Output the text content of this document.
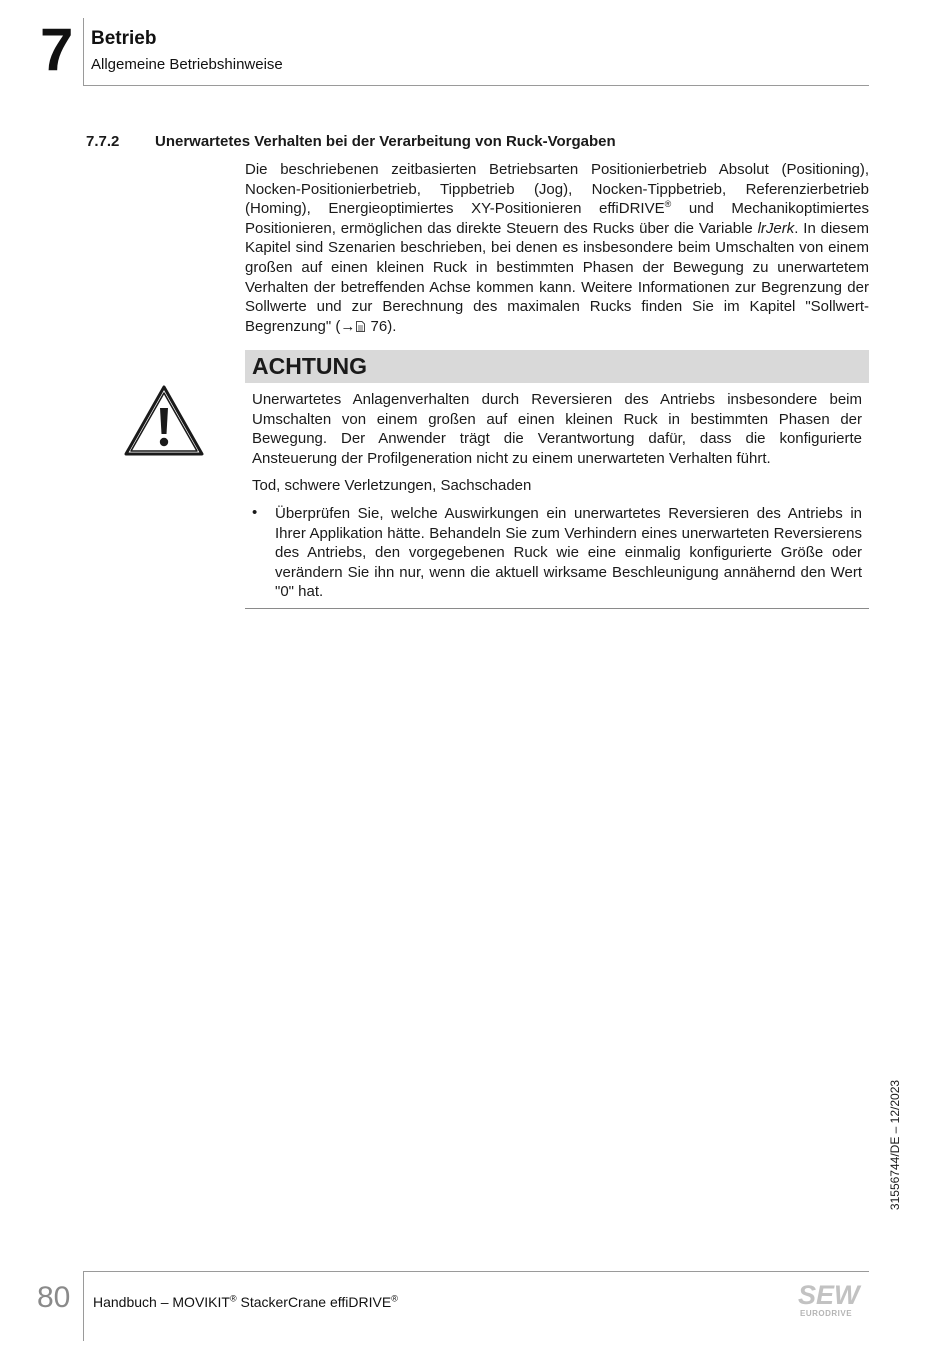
7 Betrieb
Allgemeine Betriebshinweise
7.7.2 Unerwartetes Verhalten bei der Verarbeitung von Ruck-Vorgaben

Die beschriebenen zeitbasierten Betriebsarten Positionierbetrieb Absolut (Positioning), Nocken-Positionierbetrieb, Tippbetrieb (Jog), Nocken-Tippbetrieb, Referenzierbetrieb (Homing), Energieoptimiertes XY-Positionieren effiDRIVE® und Mechanikoptimiertes Positionieren, ermöglichen das direkte Steuern des Rucks über die Variable lrJerk. In diesem Kapitel sind Szenarien beschrieben, bei denen es insbesondere beim Umschalten von einem großen auf einen kleinen Ruck in bestimmten Phasen der Bewegung zu unerwartetem Verhalten der betreffenden Achse kommen kann. Weitere Informationen zur Begrenzung der Sollwerte und zur Berechnung des maximalen Rucks finden Sie im Kapitel "Sollwert-Begrenzung" (→ 76).

ACHTUNG

Unerwartetes Anlagenverhalten durch Reversieren des Antriebs insbesondere beim Umschalten von einem großen auf einen kleinen Ruck in bestimmten Phasen der Bewegung. Der Anwender trägt die Verantwortung dafür, dass die konfigurierte Ansteuerung der Profilgeneration nicht zu einem unerwarteten Verhalten führt.

Tod, schwere Verletzungen, Sachschaden

• Überprüfen Sie, welche Auswirkungen ein unerwartetes Reversieren des Antriebs in Ihrer Applikation hätte. Behandeln Sie zum Verhindern eines unerwarteten Reversierens des Antriebs, den vorgegebenen Ruck wie eine einmalig konfigurierte Größe oder verändern Sie ihn nur, wenn die aktuell wirksame Beschleunigung annähernd den Wert "0" hat.

31556744/DE – 12/2023
80 Handbuch – MOVIKIT® StackerCrane effiDRIVE®	SEW
EURODRIVE
